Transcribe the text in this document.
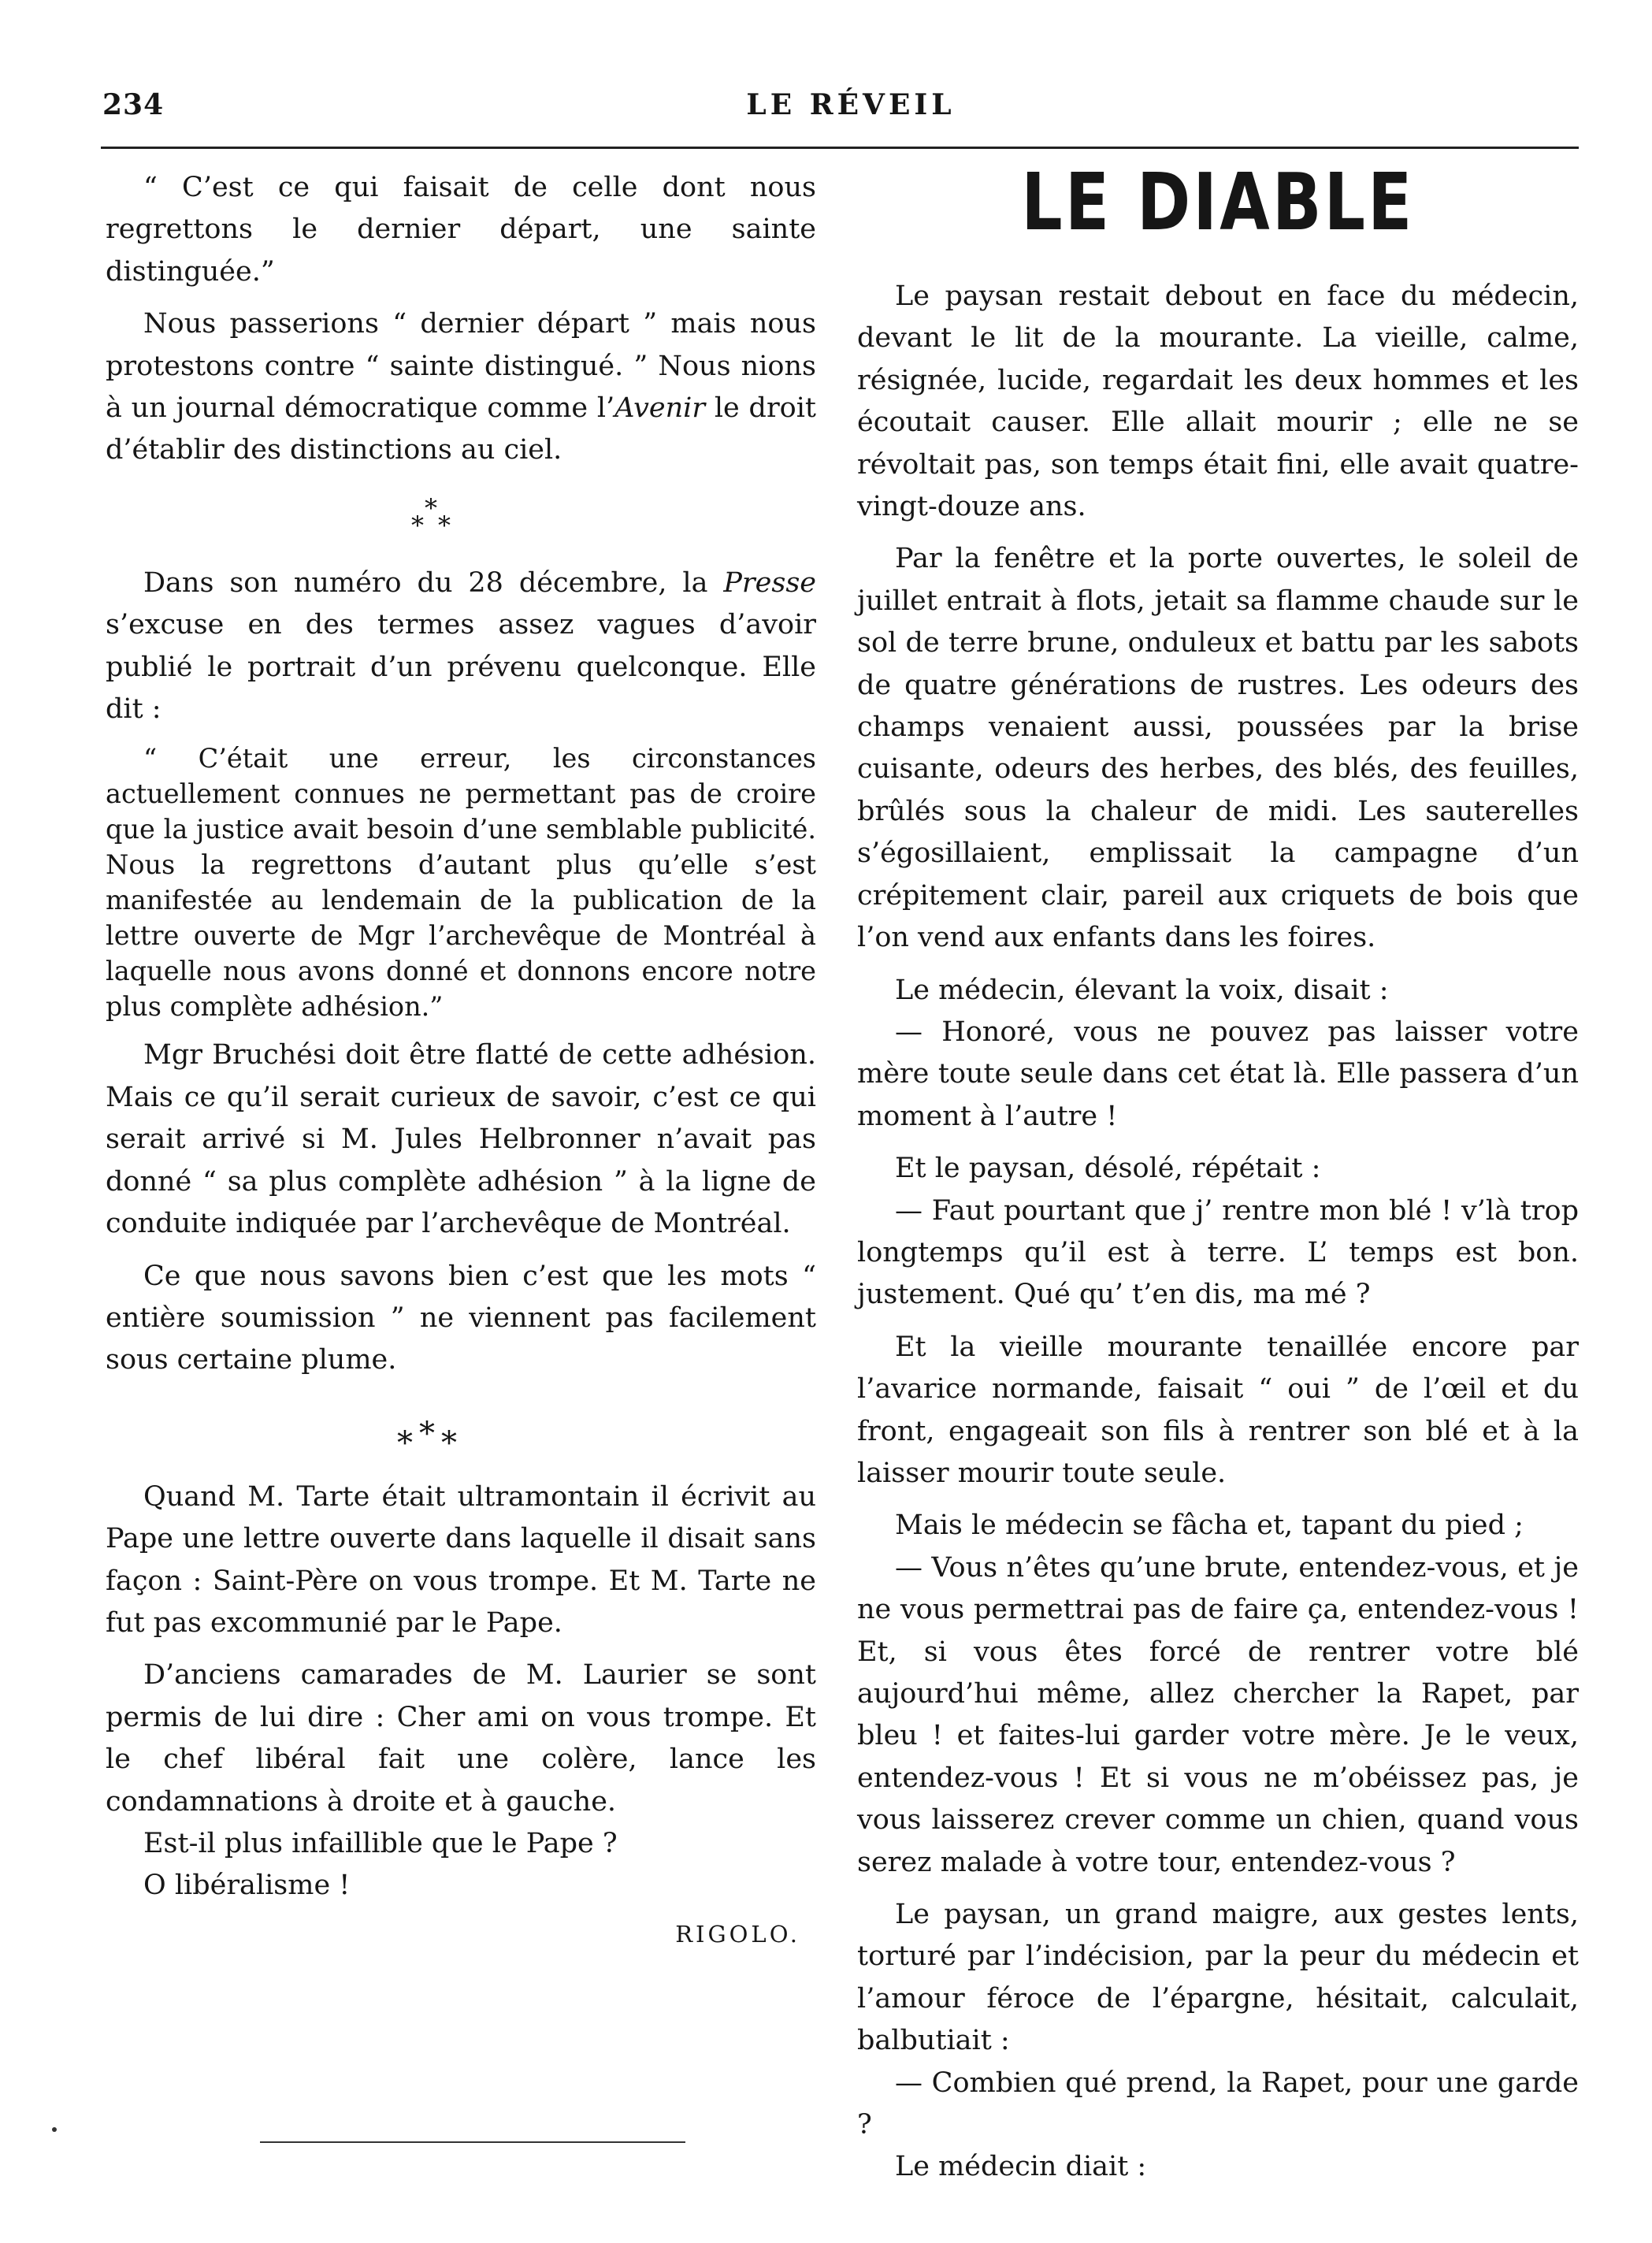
234	LE RÉVEIL

“ C’est ce qui faisait de celle dont nous regrettons le dernier départ, une sainte distinguée.”

Nous passerions “ dernier départ ” mais nous protestons contre “ sainte distingué. ” Nous nions à un journal démocratique comme l’Avenir le droit d’établir des distinctions au ciel.

*
* *

Dans son numéro du 28 décembre, la Presse s’excuse en des termes assez vagues d’avoir publié le portrait d’un prévenu quelconque. Elle dit :

“ C’était une erreur, les circonstances actuellement connues ne permettant pas de croire que la justice avait besoin d’une semblable publicité. Nous la regrettons d’autant plus qu’elle s’est manifestée au lendemain de la publication de la lettre ouverte de Mgr l’archevêque de Montréal à laquelle nous avons donné et donnons encore notre plus complète adhésion.”

Mgr Bruchési doit être flatté de cette adhésion. Mais ce qu’il serait curieux de savoir, c’est ce qui serait arrivé si M. Jules Helbronner n’avait pas donné “ sa plus complète adhésion ” à la ligne de conduite indiquée par l’archevêque de Montréal.

Ce que nous savons bien c’est que les mots “ entière soumission ” ne viennent pas facilement sous certaine plume.

* * *

Quand M. Tarte était ultramontain il écrivit au Pape une lettre ouverte dans laquelle il disait sans façon : Saint-Père on vous trompe. Et M. Tarte ne fut pas excommunié par le Pape.

D’anciens camarades de M. Laurier se sont permis de lui dire : Cher ami on vous trompe. Et le chef libéral fait une colère, lance les condamnations à droite et à gauche.

Est-il plus infaillible que le Pape ?

O libéralisme !

RIGOLO.
LE DIABLE

Le paysan restait debout en face du médecin, devant le lit de la mourante. La vieille, calme, résignée, lucide, regardait les deux hommes et les écoutait causer. Elle allait mourir ; elle ne se révoltait pas, son temps était fini, elle avait quatre-vingt-douze ans.

Par la fenêtre et la porte ouvertes, le soleil de juillet entrait à flots, jetait sa flamme chaude sur le sol de terre brune, onduleux et battu par les sabots de quatre générations de rustres. Les odeurs des champs venaient aussi, poussées par la brise cuisante, odeurs des herbes, des blés, des feuilles, brûlés sous la chaleur de midi. Les sauterelles s’égosillaient, emplissait la campagne d’un crépitement clair, pareil aux criquets de bois que l’on vend aux enfants dans les foires.

Le médecin, élevant la voix, disait :

— Honoré, vous ne pouvez pas laisser votre mère toute seule dans cet état là. Elle passera d’un moment à l’autre !

Et le paysan, désolé, répétait :

— Faut pourtant que j’ rentre mon blé ! v’là trop longtemps qu’il est à terre. L’ temps est bon. justement. Qué qu’ t’en dis, ma mé ?

Et la vieille mourante tenaillée encore par l’avarice normande, faisait “ oui ” de l’œil et du front, engageait son fils à rentrer son blé et à la laisser mourir toute seule.

Mais le médecin se fâcha et, tapant du pied ;

— Vous n’êtes qu’une brute, entendez-vous, et je ne vous permettrai pas de faire ça, entendez-vous ! Et, si vous êtes forcé de rentrer votre blé aujourd’hui même, allez chercher la Rapet, par bleu ! et faites-lui garder votre mère. Je le veux, entendez-vous ! Et si vous ne m’obéissez pas, je vous laisserez crever comme un chien, quand vous serez malade à votre tour, entendez-vous ?

Le paysan, un grand maigre, aux gestes lents, torturé par l’indécision, par la peur du médecin et l’amour féroce de l’épargne, hésitait, calculait, balbutiait :

— Combien qué prend, la Rapet, pour une garde ?

Le médecin diait :
